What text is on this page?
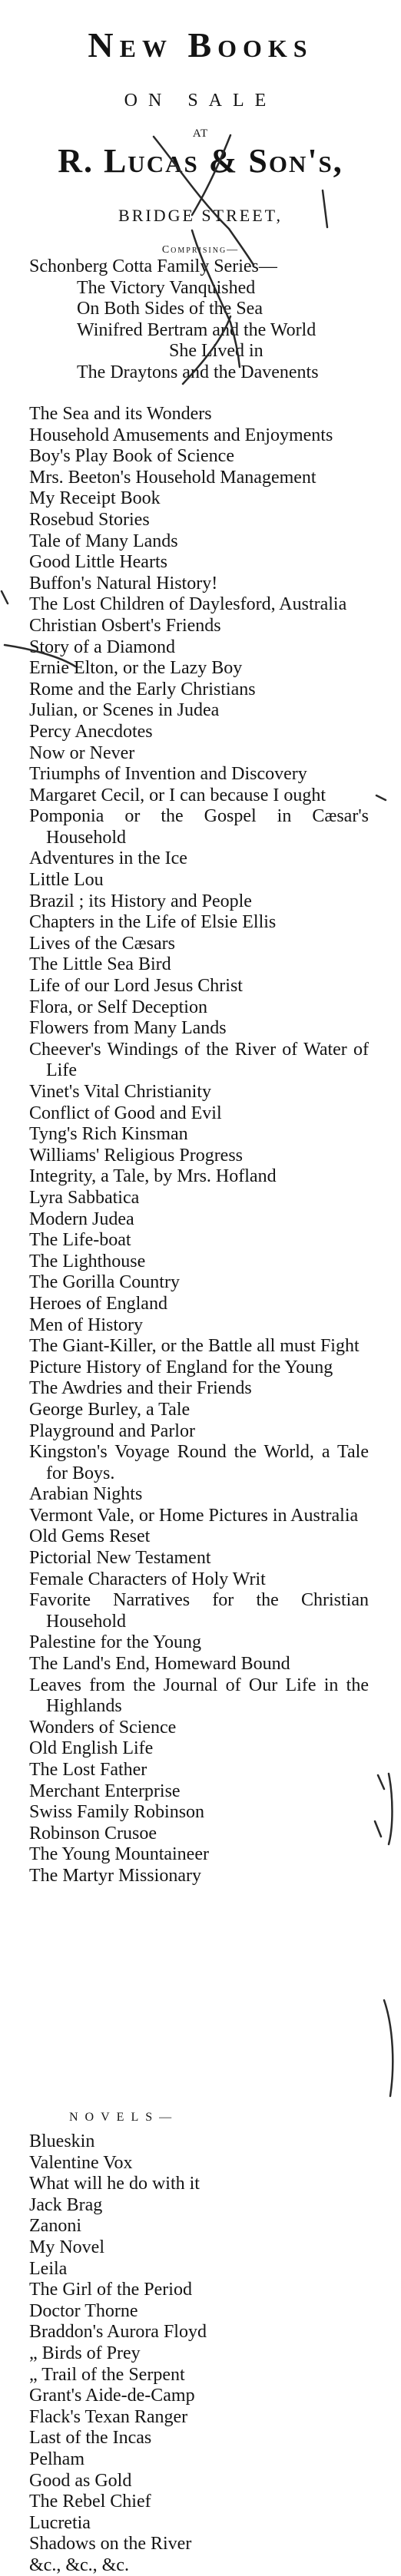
New Books
ON SALE
AT
R. Lucas & Son's,
BRIDGE STREET,
Comprising—
Schonberg Cotta Family Series—
The Victory Vanquished
On Both Sides of the Sea
Winifred Bertram and the World
She Lived in
The Draytons and the Davenents
The Sea and its Wonders
Household Amusements and Enjoyments
Boy's Play Book of Science
Mrs. Beeton's Household Management
My Receipt Book
Rosebud Stories
Tale of Many Lands
Good Little Hearts
Buffon's Natural History!
The Lost Children of Daylesford, Australia
Christian Osbert's Friends
Story of a Diamond
Ernie Elton, or the Lazy Boy
Rome and the Early Christians
Julian, or Scenes in Judea
Percy Anecdotes
Now or Never
Triumphs of Invention and Discovery
Margaret Cecil, or I can because I ought
Pomponia or the Gospel in Cæsar's Household
Adventures in the Ice
Little Lou
Brazil ; its History and People
Chapters in the Life of Elsie Ellis
Lives of the Cæsars
The Little Sea Bird
Life of our Lord Jesus Christ
Flora, or Self Deception
Flowers from Many Lands
Cheever's Windings of the River of Water of Life
Vinet's Vital Christianity
Conflict of Good and Evil
Tyng's Rich Kinsman
Williams' Religious Progress
Integrity, a Tale, by Mrs. Hofland
Lyra Sabbatica
Modern Judea
The Life-boat
The Lighthouse
The Gorilla Country
Heroes of England
Men of History
The Giant-Killer, or the Battle all must Fight
Picture History of England for the Young
The Awdries and their Friends
George Burley, a Tale
Playground and Parlor
Kingston's Voyage Round the World, a Tale for Boys.
Arabian Nights
Vermont Vale, or Home Pictures in Australia
Old Gems Reset
Pictorial New Testament
Female Characters of Holy Writ
Favorite Narratives for the Christian Household
Palestine for the Young
The Land's End, Homeward Bound
Leaves from the Journal of Our Life in the Highlands
Wonders of Science
Old English Life
The Lost Father
Merchant Enterprise
Swiss Family Robinson
Robinson Crusoe
The Young Mountaineer
The Martyr Missionary
NOVELS—
Blueskin
Valentine Vox
What will he do with it
Jack Brag
Zanoni
My Novel
Leila
The Girl of the Period
Doctor Thorne
Braddon's Aurora Floyd
„ Birds of Prey
„ Trail of the Serpent
Grant's Aide-de-Camp
Flack's Texan Ranger
Last of the Incas
Pelham
Good as Gold
The Rebel Chief
Lucretia
Shadows on the River
&c., &c., &c.
